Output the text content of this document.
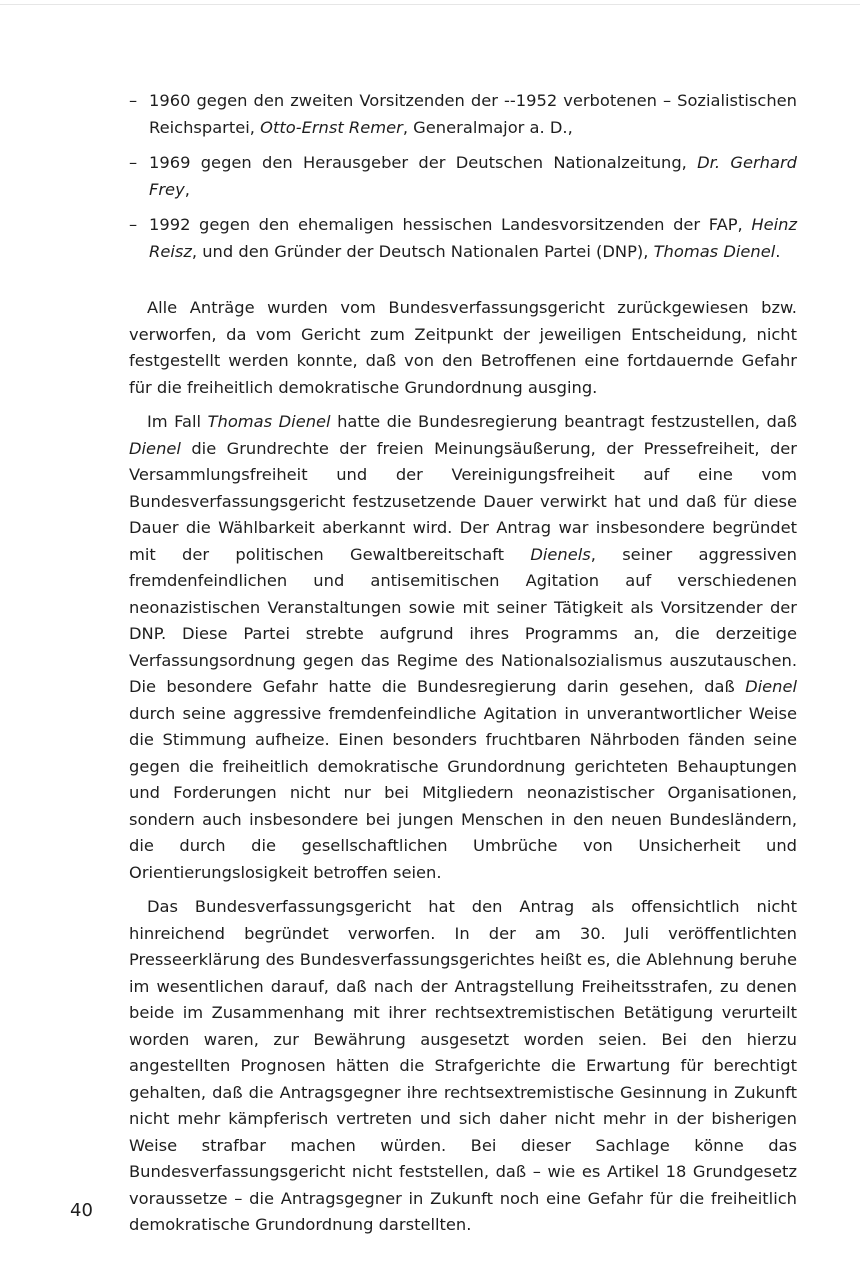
– 1960 gegen den zweiten Vorsitzenden der --1952 verbotenen – Sozialistischen Reichspartei, Otto-Ernst Remer, Generalmajor a. D.,
– 1969 gegen den Herausgeber der Deutschen Nationalzeitung, Dr. Gerhard Frey,
– 1992 gegen den ehemaligen hessischen Landesvorsitzenden der FAP, Heinz Reisz, und den Gründer der Deutsch Nationalen Partei (DNP), Thomas Dienel.

Alle Anträge wurden vom Bundesverfassungsgericht zurückgewiesen bzw. verworfen, da vom Gericht zum Zeitpunkt der jeweiligen Entscheidung, nicht festgestellt werden konnte, daß von den Betroffenen eine fortdauernde Gefahr für die freiheitlich demokratische Grundordnung ausging.

Im Fall Thomas Dienel hatte die Bundesregierung beantragt festzustellen, daß Dienel die Grundrechte der freien Meinungsäußerung, der Pressefreiheit, der Versammlungsfreiheit und der Vereinigungsfreiheit auf eine vom Bundesverfassungsgericht festzusetzende Dauer verwirkt hat und daß für diese Dauer die Wählbarkeit aberkannt wird. Der Antrag war insbesondere begründet mit der politischen Gewaltbereitschaft Dienels, seiner aggressiven fremdenfeindlichen und antisemitischen Agitation auf verschiedenen neonazistischen Veranstaltungen sowie mit seiner Tätigkeit als Vorsitzender der DNP. Diese Partei strebte aufgrund ihres Programms an, die derzeitige Verfassungsordnung gegen das Regime des Nationalsozialismus auszutauschen. Die besondere Gefahr hatte die Bundesregierung darin gesehen, daß Dienel durch seine aggressive fremdenfeindliche Agitation in unverantwortlicher Weise die Stimmung aufheize. Einen besonders fruchtbaren Nährboden fänden seine gegen die freiheitlich demokratische Grundordnung gerichteten Behauptungen und Forderungen nicht nur bei Mitgliedern neonazistischer Organisationen, sondern auch insbesondere bei jungen Menschen in den neuen Bundesländern, die durch die gesellschaftlichen Umbrüche von Unsicherheit und Orientierungslosigkeit betroffen seien.

Das Bundesverfassungsgericht hat den Antrag als offensichtlich nicht hinreichend begründet verworfen. In der am 30. Juli veröffentlichten Presseerklärung des Bundesverfassungsgerichtes heißt es, die Ablehnung beruhe im wesentlichen darauf, daß nach der Antragstellung Freiheitsstrafen, zu denen beide im Zusammenhang mit ihrer rechtsextremistischen Betätigung verurteilt worden waren, zur Bewährung ausgesetzt worden seien. Bei den hierzu angestellten Prognosen hätten die Strafgerichte die Erwartung für berechtigt gehalten, daß die Antragsgegner ihre rechtsextremistische Gesinnung in Zukunft nicht mehr kämpferisch vertreten und sich daher nicht mehr in der bisherigen Weise strafbar machen würden. Bei dieser Sachlage könne das Bundesverfassungsgericht nicht feststellen, daß – wie es Artikel 18 Grundgesetz voraussetze – die Antragsgegner in Zukunft noch eine Gefahr für die freiheitlich demokratische Grundordnung darstellten.

40
